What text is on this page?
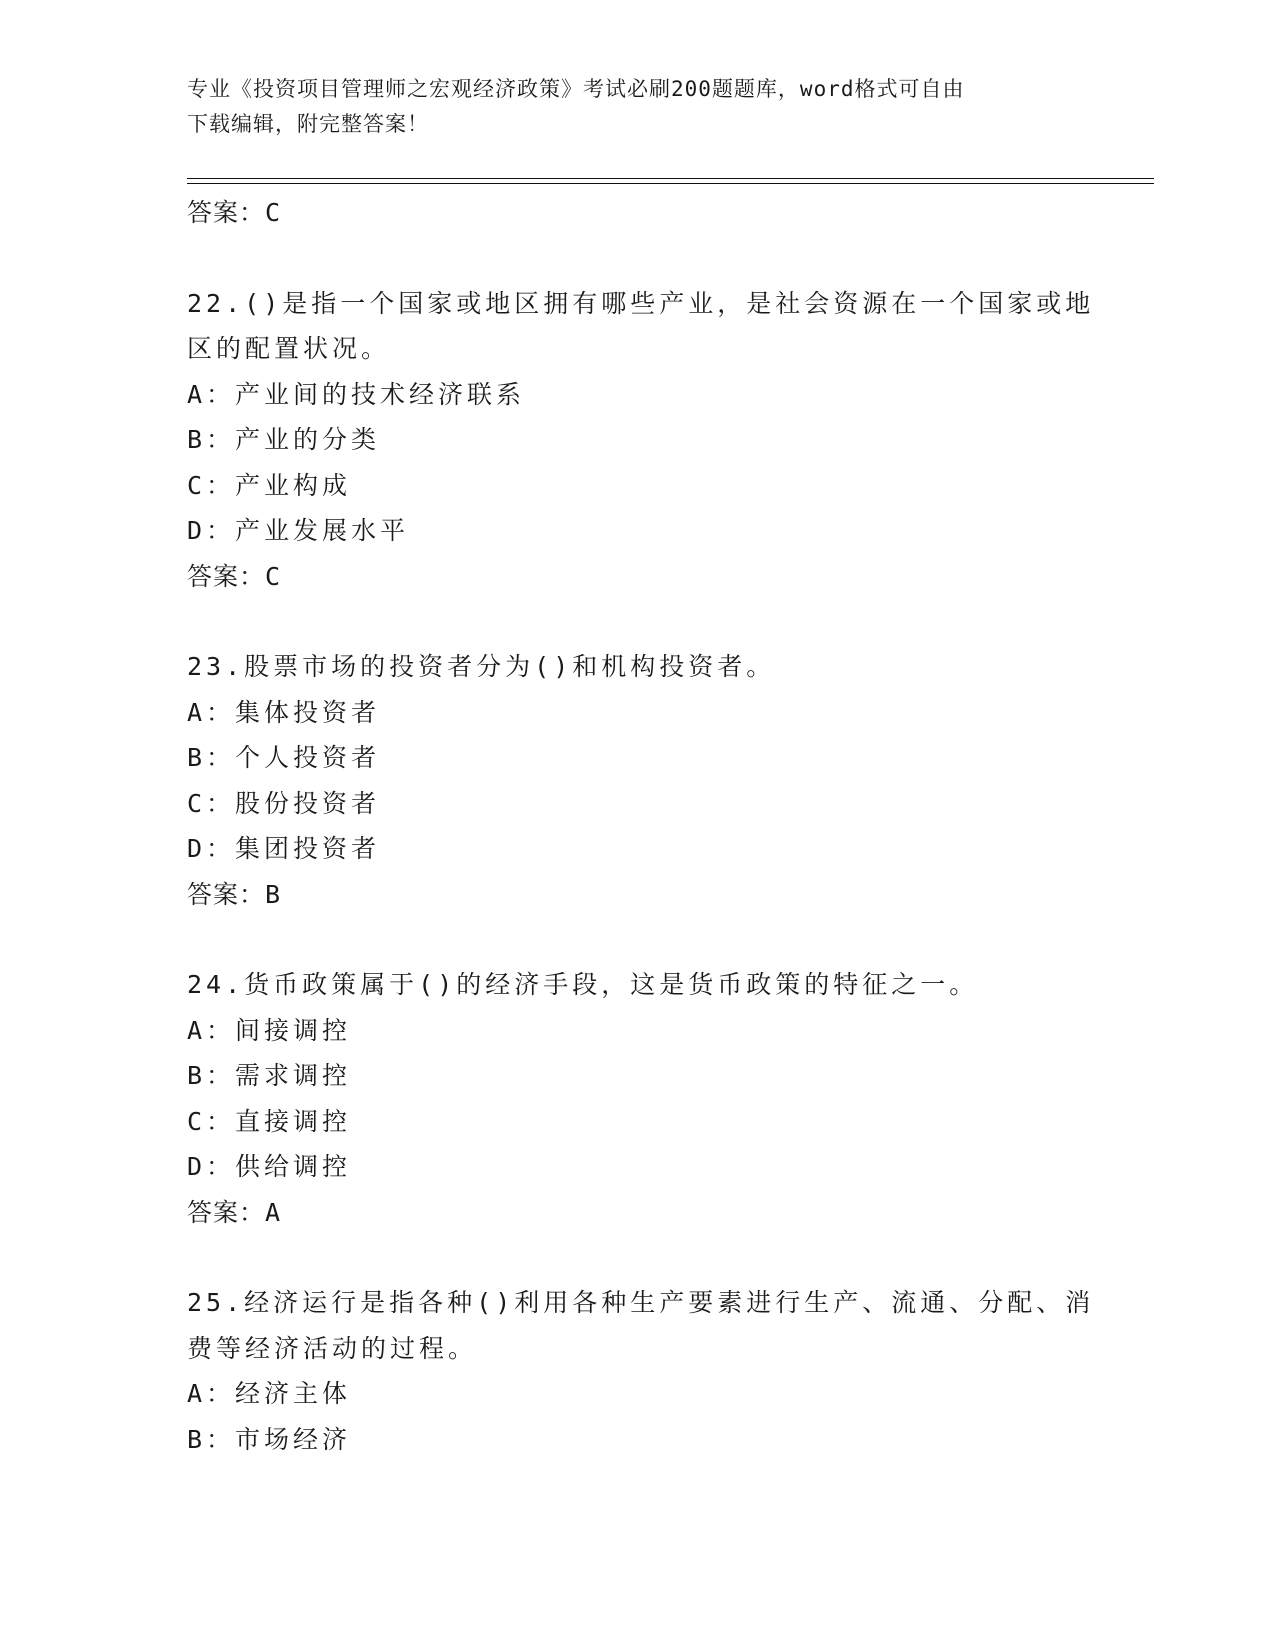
专业《投资项目管理师之宏观经济政策》考试必刷200题题库，word格式可自由
下载编辑，附完整答案！
答案：C
22.()是指一个国家或地区拥有哪些产业，是社会资源在一个国家或地
区的配置状况。
A：产业间的技术经济联系
B：产业的分类
C：产业构成
D：产业发展水平
答案：C
23.股票市场的投资者分为()和机构投资者。
A：集体投资者
B：个人投资者
C：股份投资者
D：集团投资者
答案：B
24.货币政策属于()的经济手段，这是货币政策的特征之一。
A：间接调控
B：需求调控
C：直接调控
D：供给调控
答案：A
25.经济运行是指各种()利用各种生产要素进行生产、流通、分配、消
费等经济活动的过程。
A：经济主体
B：市场经济
